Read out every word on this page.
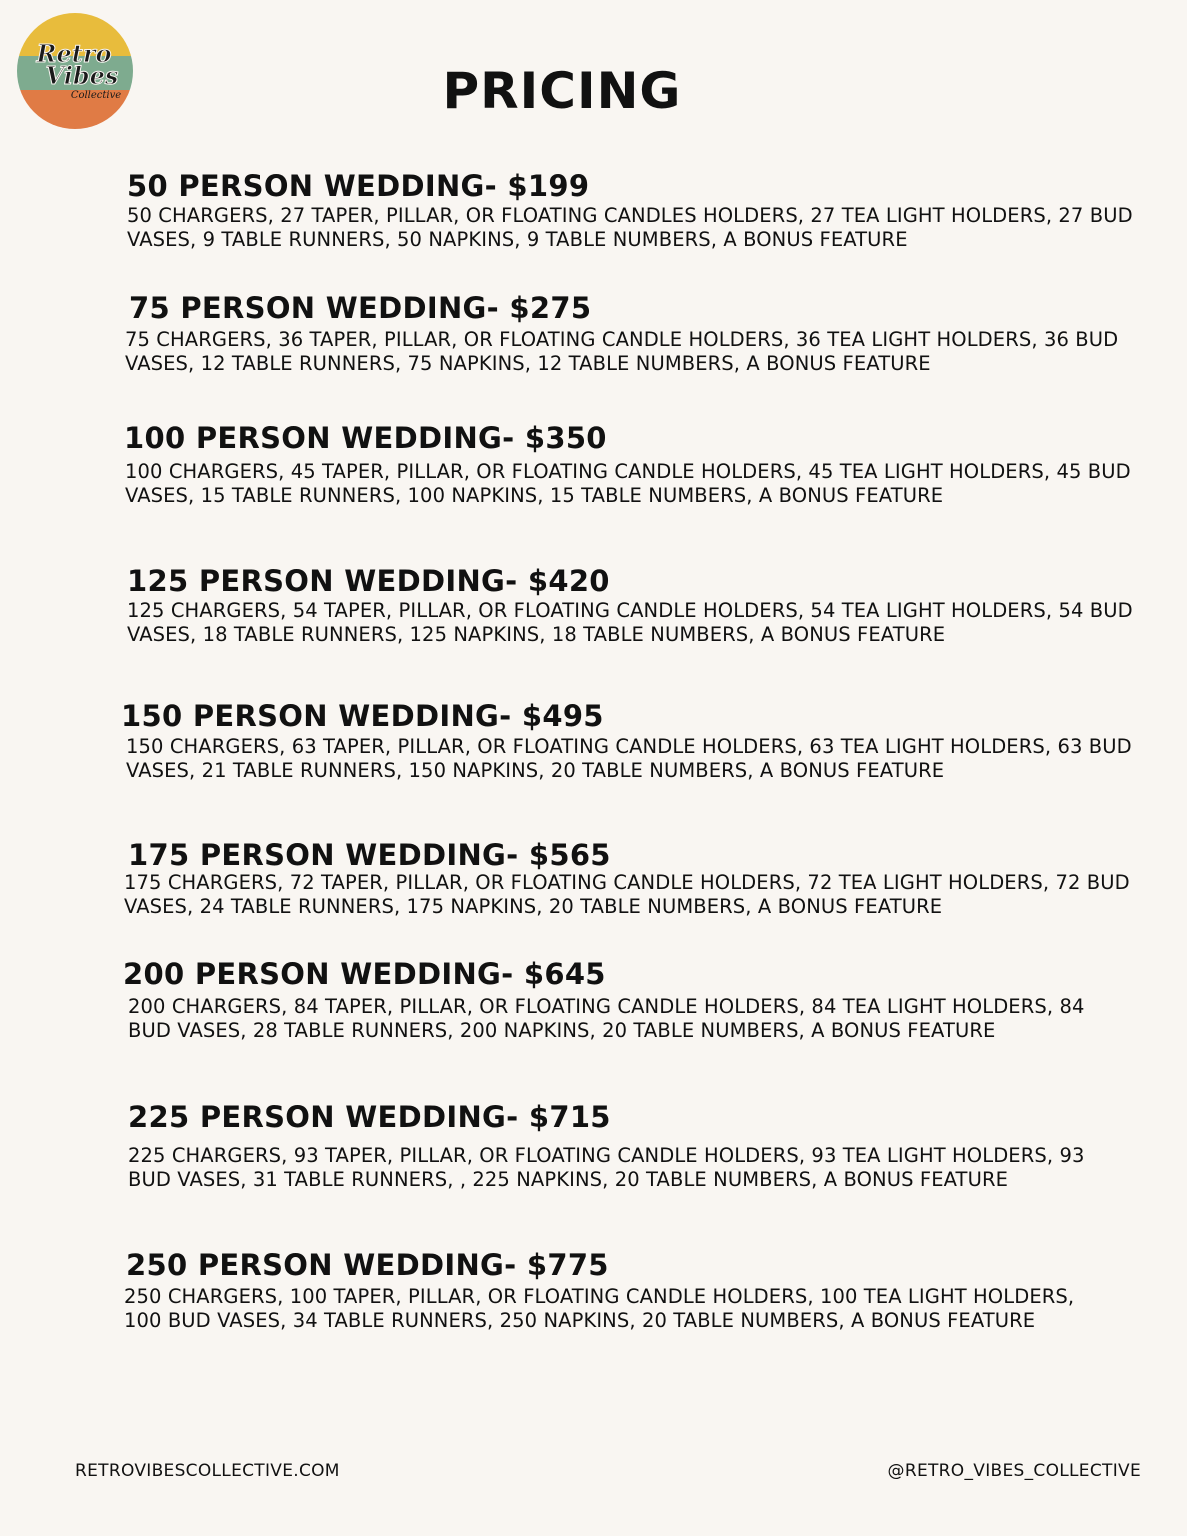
Retro
Vibes
Collective	PRICING
50 PERSON WEDDING- $199

50 CHARGERS, 27 TAPER, PILLAR, OR FLOATING CANDLES HOLDERS, 27 TEA LIGHT HOLDERS, 27 BUD VASES, 9 TABLE RUNNERS, 50 NAPKINS, 9 TABLE NUMBERS, A BONUS FEATURE

75 PERSON WEDDING- $275

75 CHARGERS, 36 TAPER, PILLAR, OR FLOATING CANDLE HOLDERS, 36 TEA LIGHT HOLDERS, 36 BUD VASES, 12 TABLE RUNNERS, 75 NAPKINS, 12 TABLE NUMBERS, A BONUS FEATURE

100 PERSON WEDDING- $350

100 CHARGERS, 45 TAPER, PILLAR, OR FLOATING CANDLE HOLDERS, 45 TEA LIGHT HOLDERS, 45 BUD VASES, 15 TABLE RUNNERS, 100 NAPKINS, 15 TABLE NUMBERS, A BONUS FEATURE

125 PERSON WEDDING- $420

125 CHARGERS, 54 TAPER, PILLAR, OR FLOATING CANDLE HOLDERS, 54 TEA LIGHT HOLDERS, 54 BUD VASES, 18 TABLE RUNNERS, 125 NAPKINS, 18 TABLE NUMBERS, A BONUS FEATURE

150 PERSON WEDDING- $495

150 CHARGERS, 63 TAPER, PILLAR, OR FLOATING CANDLE HOLDERS, 63 TEA LIGHT HOLDERS, 63 BUD VASES, 21 TABLE RUNNERS, 150 NAPKINS, 20 TABLE NUMBERS, A BONUS FEATURE

175 PERSON WEDDING- $565

175 CHARGERS, 72 TAPER, PILLAR, OR FLOATING CANDLE HOLDERS, 72 TEA LIGHT HOLDERS, 72 BUD VASES, 24 TABLE RUNNERS, 175 NAPKINS, 20 TABLE NUMBERS, A BONUS FEATURE

200 PERSON WEDDING- $645

200 CHARGERS, 84 TAPER, PILLAR, OR FLOATING CANDLE HOLDERS, 84 TEA LIGHT HOLDERS, 84 BUD VASES, 28 TABLE RUNNERS, 200 NAPKINS, 20 TABLE NUMBERS, A BONUS FEATURE

225 PERSON WEDDING- $715

225 CHARGERS, 93 TAPER, PILLAR, OR FLOATING CANDLE HOLDERS, 93 TEA LIGHT HOLDERS, 93 BUD VASES, 31 TABLE RUNNERS, , 225 NAPKINS, 20 TABLE NUMBERS, A BONUS FEATURE

250 PERSON WEDDING- $775

250 CHARGERS, 100 TAPER, PILLAR, OR FLOATING CANDLE HOLDERS, 100 TEA LIGHT HOLDERS, 100 BUD VASES, 34 TABLE RUNNERS, 250 NAPKINS, 20 TABLE NUMBERS, A BONUS FEATURE

RETROVIBESCOLLECTIVE.COM	@RETRO_VIBES_COLLECTIVE
